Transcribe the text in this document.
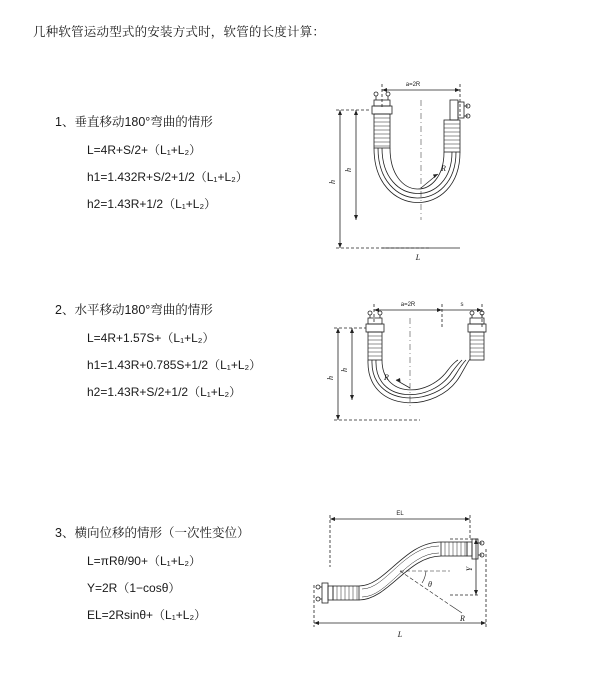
几种软管运动型式的安装方式时，软管的长度计算：
1、垂直移动180°弯曲的情形
L=4R+S/2+（L₁+L₂）
h1=1.432R+S/2+1/2（L₁+L₂）
h2=1.43R+1/2（L₁+L₂）
a=2R
h
h	R
L
2、水平移动180°弯曲的情形
L=4R+1.57S+（L₁+L₂）
h1=1.43R+0.785S+1/2（L₁+L₂）
h2=1.43R+S/2+1/2（L₁+L₂）
a=2R	s
h
h
R
3、横向位移的情形（一次性变位）
L=πRθ/90+（L₁+L₂）
Y=2R（1−cosθ）
EL=2Rsinθ+（L₁+L₂）
EL
L
Y
θ
R
